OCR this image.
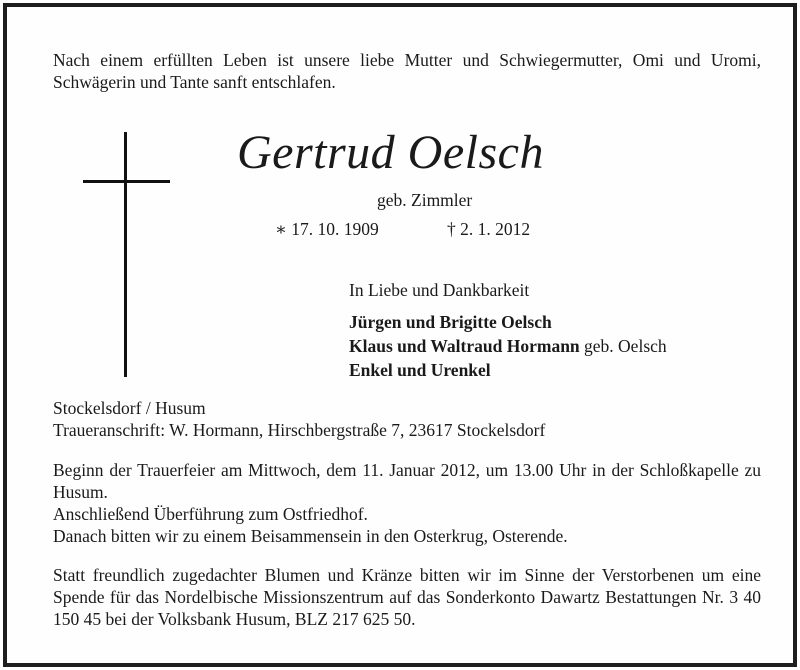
Nach einem erfüllten Leben ist unsere liebe Mutter und Schwiegermutter, Omi und Uromi, Schwägerin und Tante sanft entschlafen.
Gertrud Oelsch
geb. Zimmler
∗ 17. 10. 1909	† 2. 1. 2012
In Liebe und Dankbarkeit
Jürgen und Brigitte Oelsch
Klaus und Waltraud Hormann geb. Oelsch
Enkel und Urenkel

Stockelsdorf / Husum

Traueranschrift: W. Hormann, Hirschbergstraße 7, 23617 Stockelsdorf

Beginn der Trauerfeier am Mittwoch, dem 11. Januar 2012, um 13.00 Uhr in der Schloßkapelle zu Husum.

Anschließend Überführung zum Ostfriedhof.

Danach bitten wir zu einem Beisammensein in den Osterkrug, Osterende.

Statt freundlich zugedachter Blumen und Kränze bitten wir im Sinne der Verstorbenen um eine Spende für das Nordelbische Missionszentrum auf das Sonderkonto Dawartz Bestattungen Nr. 3 40 150 45 bei der Volksbank Husum, BLZ 217 625 50.
